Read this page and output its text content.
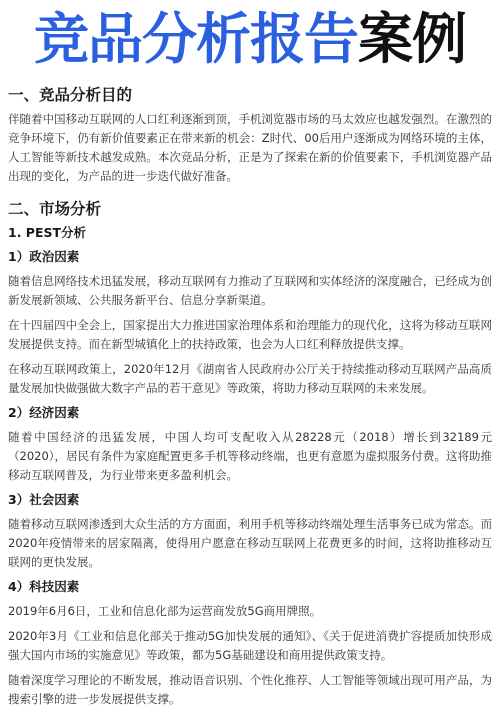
竞品分析报告案例
一、竞品分析目的

伴随着中国移动互联网的人口红利逐渐到顶，手机浏览器市场的马太效应也越发强烈。在激烈的竞争环境下，仍有新价值要素正在带来新的机会：Z时代、00后用户逐渐成为网络环境的主体，人工智能等新技术越发成熟。本次竞品分析，正是为了探索在新的价值要素下，手机浏览器产品出现的变化，为产品的进一步迭代做好准备。

二、市场分析
1. PEST分析
1）政治因素

随着信息网络技术迅猛发展，移动互联网有力推动了互联网和实体经济的深度融合，已经成为创新发展新领域、公共服务新平台、信息分享新渠道。

在十四届四中全会上，国家提出大力推进国家治理体系和治理能力的现代化，这将为移动互联网发展提供支持。而在新型城镇化上的扶持政策，也会为人口红利释放提供支撑。

在移动互联网政策上，2020年12月《湖南省人民政府办公厅关于持续推动移动互联网产品高质量发展加快做强做大数字产品的若干意见》等政策，将助力移动互联网的未来发展。

2）经济因素

随着中国经济的迅猛发展，中国人均可支配收入从28228元（2018）增长到32189元（2020），居民有条件为家庭配置更多手机等移动终端，也更有意愿为虚拟服务付费。这将助推移动互联网普及，为行业带来更多盈利机会。

3）社会因素

随着移动互联网渗透到大众生活的方方面面，利用手机等移动终端处理生活事务已成为常态。而2020年疫情带来的居家隔离，使得用户愿意在移动互联网上花费更多的时间，这将助推移动互联网的更快发展。

4）科技因素

2019年6月6日，工业和信息化部为运营商发放5G商用牌照。

2020年3月《工业和信息化部关于推动5G加快发展的通知》、《关于促进消费扩容提质加快形成强大国内市场的实施意见》等政策，都为5G基础建设和商用提供政策支持。

随着深度学习理论的不断发展，推动语音识别、个性化推荐、人工智能等领域出现可用产品，为搜索引擎的进一步发展提供支撑。
